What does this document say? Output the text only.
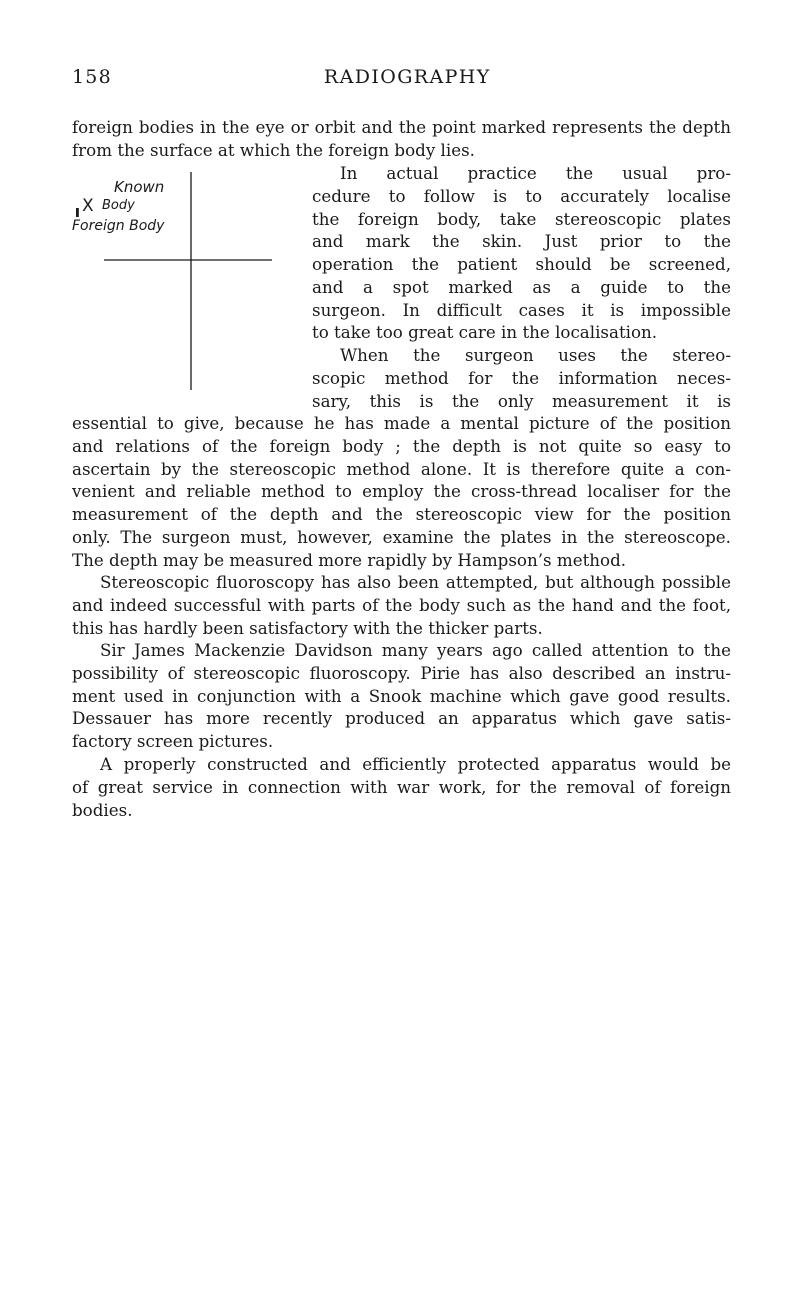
158	RADIOGRAPHY
foreign bodies in the eye or orbit and the point marked represents the depth
from the surface at which the foreign body lies.
Known
X Body
Foreign Body
In actual practice the usual pro-
cedure to follow is to accurately localise
the foreign body, take stereoscopic plates
and mark the skin. Just prior to the
operation the patient should be screened,
and a spot marked as a guide to the
surgeon. In difficult cases it is impossible
to take too great care in the localisation.
When the surgeon uses the stereo-
scopic method for the information neces-
sary, this is the only measurement it is
essential to give, because he has made a mental picture of the position
and relations of the foreign body ; the depth is not quite so easy to
ascertain by the stereoscopic method alone. It is therefore quite a con-
venient and reliable method to employ the cross-thread localiser for the
measurement of the depth and the stereoscopic view for the position
only. The surgeon must, however, examine the plates in the stereoscope.
The depth may be measured more rapidly by Hampson’s method.
Stereoscopic fluoroscopy has also been attempted, but although possible
and indeed successful with parts of the body such as the hand and the foot,
this has hardly been satisfactory with the thicker parts.
Sir James Mackenzie Davidson many years ago called attention to the
possibility of stereoscopic fluoroscopy. Pirie has also described an instru-
ment used in conjunction with a Snook machine which gave good results.
Dessauer has more recently produced an apparatus which gave satis-
factory screen pictures.
A properly constructed and efficiently protected apparatus would be
of great service in connection with war work, for the removal of foreign
bodies.
